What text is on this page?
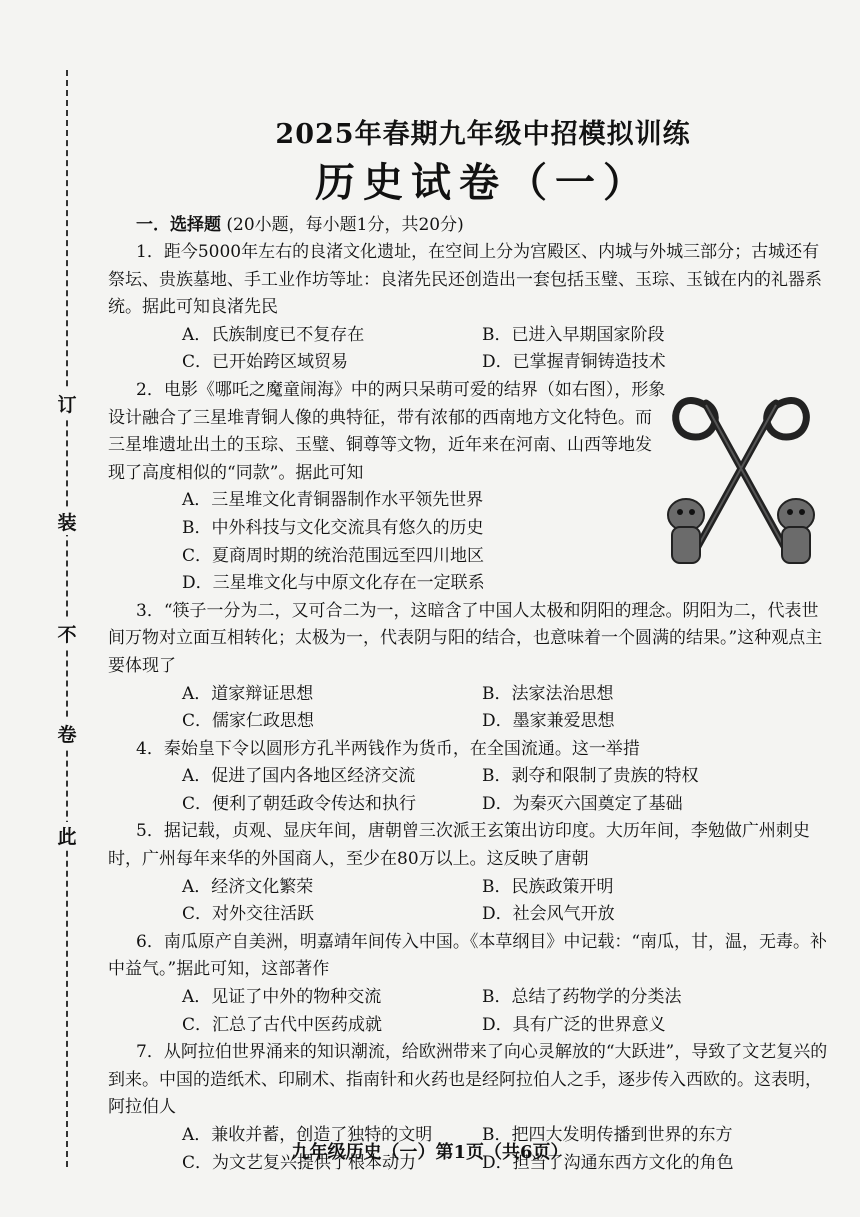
订
装
不
卷
此

2025年春期九年级中招模拟训练

历史试卷（一）

一．选择题 (20小题，每小题1分，共20分)

1．距今5000年左右的良渚文化遗址，在空间上分为宫殿区、内城与外城三部分；古城还有祭坛、贵族墓地、手工业作坊等址：良渚先民还创造出一套包括玉璧、玉琮、玉钺在内的礼器系统。据此可知良渚先民

A．氏族制度已不复存在	B．已进入早期国家阶段
C．已开始跨区域贸易	D．已掌握青铜铸造技术

2．电影《哪吒之魔童闹海》中的两只呆萌可爱的结界（如右图），形象设计融合了三星堆青铜人像的典特征，带有浓郁的西南地方文化特色。而三星堆遗址出土的玉琮、玉璧、铜尊等文物，近年来在河南、山西等地发现了高度相似的“同款”。据此可知

A．三星堆文化青铜器制作水平领先世界
B．中外科技与文化交流具有悠久的历史
C．夏商周时期的统治范围远至四川地区
D．三星堆文化与中原文化存在一定联系

3．“筷子一分为二，又可合二为一，这暗含了中国人太极和阴阳的理念。阴阳为二，代表世间万物对立面互相转化；太极为一，代表阴与阳的结合，也意味着一个圆满的结果。”这种观点主要体现了

A．道家辩证思想	B．法家法治思想
C．儒家仁政思想	D．墨家兼爱思想

4．秦始皇下令以圆形方孔半两钱作为货币，在全国流通。这一举措

A．促进了国内各地区经济交流	B．剥夺和限制了贵族的特权
C．便利了朝廷政令传达和执行	D．为秦灭六国奠定了基础

5．据记载，贞观、显庆年间，唐朝曾三次派王玄策出访印度。大历年间，李勉做广州刺史时，广州每年来华的外国商人，至少在80万以上。这反映了唐朝

A．经济文化繁荣	B．民族政策开明
C．对外交往活跃	D．社会风气开放

6．南瓜原产自美洲，明嘉靖年间传入中国。《本草纲目》中记载：“南瓜，甘，温，无毒。补中益气。”据此可知，这部著作

A．见证了中外的物种交流	B．总结了药物学的分类法
C．汇总了古代中医药成就	D．具有广泛的世界意义

7．从阿拉伯世界涌来的知识潮流，给欧洲带来了向心灵解放的“大跃进”，导致了文艺复兴的到来。中国的造纸术、印刷术、指南针和火药也是经阿拉伯人之手，逐步传入西欧的。这表明，阿拉伯人

A．兼收并蓄，创造了独特的文明	B．把四大发明传播到世界的东方
C．为文艺复兴提供了根本动力	D．担当了沟通东西方文化的角色
九年级历史（一）第1页（共6页）
